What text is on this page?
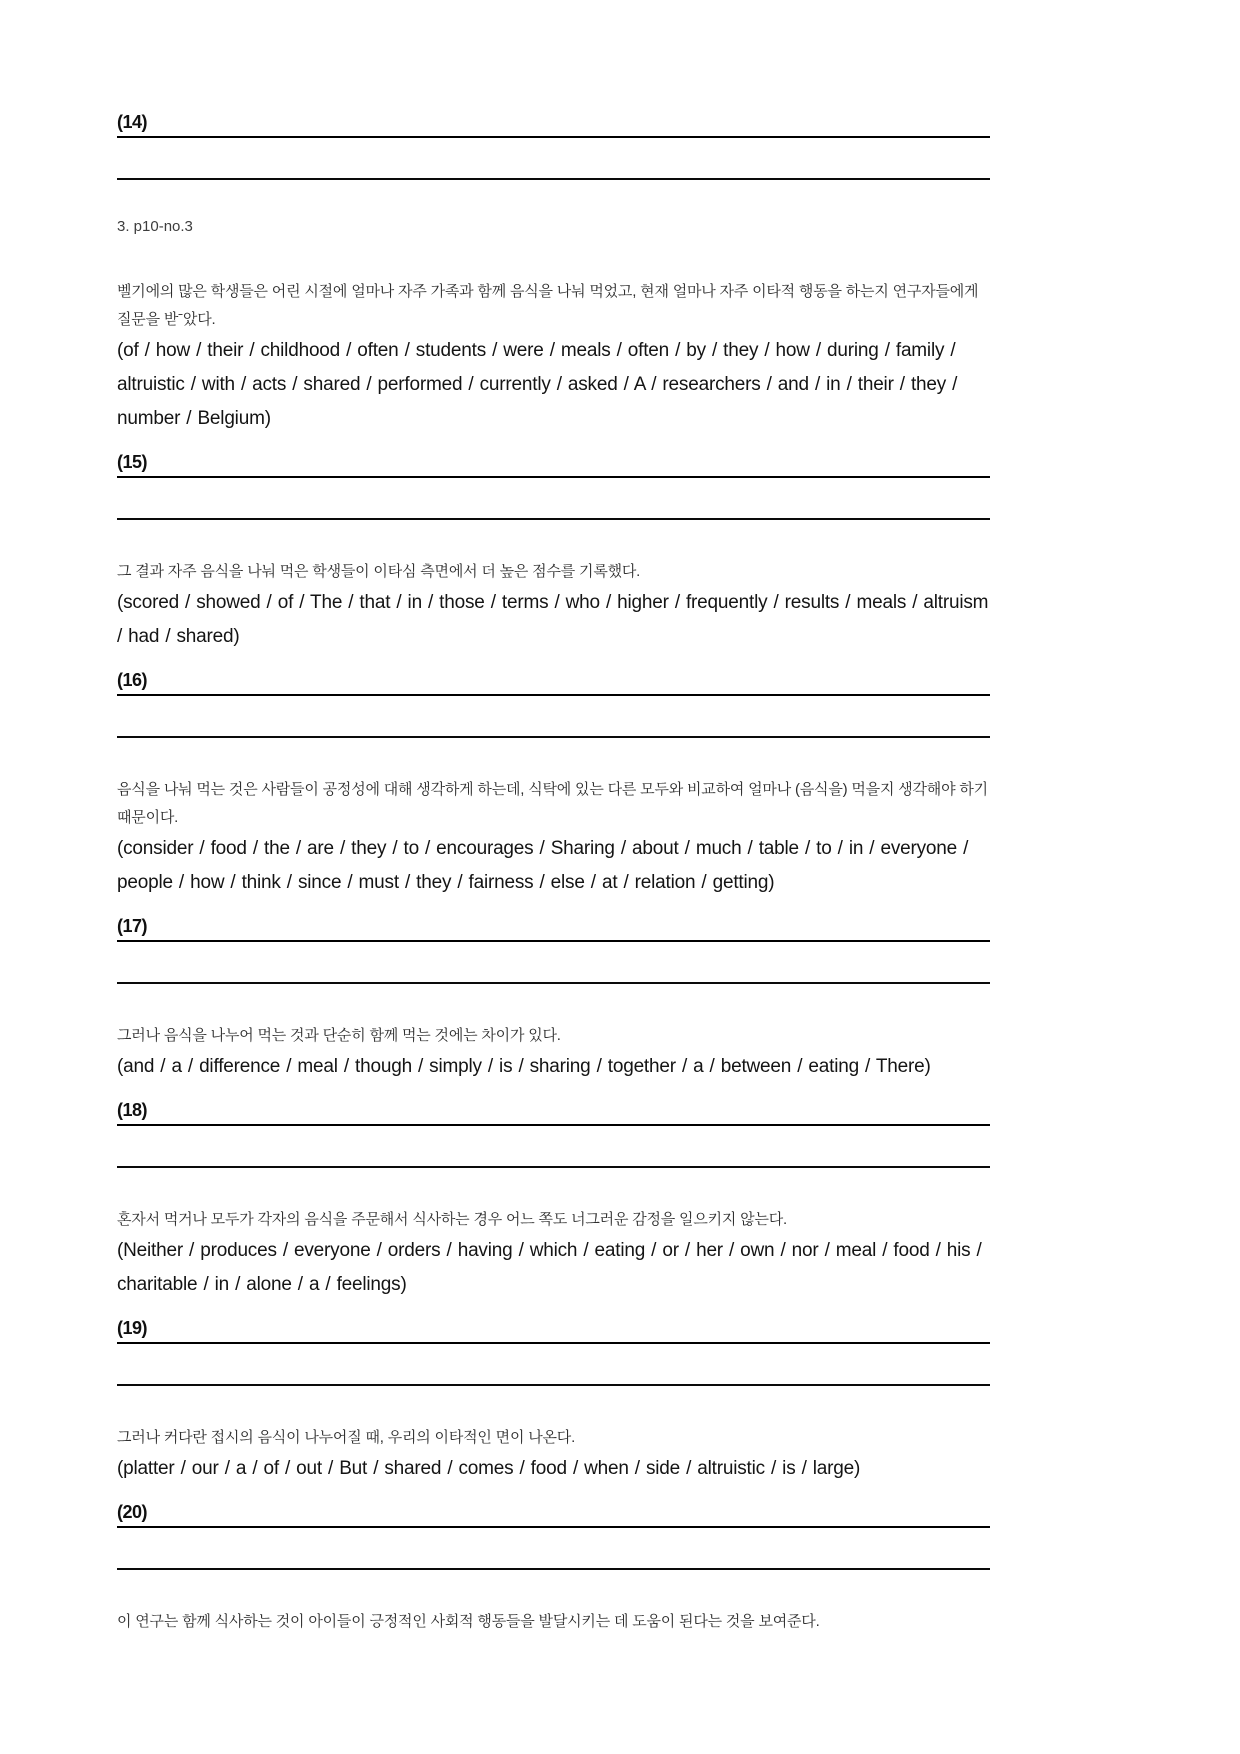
(14)

3. p10-no.3

벨기에의 많은 학생들은 어린 시절에 얼마나 자주 가족과 함께 음식을 나눠 먹었고, 현재 얼마나 자주 이타적 행동을 하는지 연구자들에게 질문을 받ˉ았다.

(of / how / their / childhood / often / students / were / meals / often / by / they / how / during / family / altruistic / with / acts / shared / performed / currently / asked / A / researchers / and / in / their / they / number / Belgium)

(15)

그 결과 자주 음식을 나눠 먹은 학생들이 이타심 측면에서 더 높은 점수를 기록했다.

(scored / showed / of / The / that / in / those / terms / who / higher / frequently / results / meals / altruism / had / shared)

(16)

음식을 나눠 먹는 것은 사람들이 공정성에 대해 생각하게 하는데, 식탁에 있는 다른 모두와 비교하여 얼마나 (음식을) 먹을지 생각해야 하기 때문이다.

(consider / food / the / are / they / to / encourages / Sharing / about / much / table / to / in / everyone / people / how / think / since / must / they / fairness / else / at / relation / getting)

(17)

그러나 음식을 나누어 먹는 것과 단순히 함께 먹는 것에는 차이가 있다.

(and / a / difference / meal / though / simply / is / sharing / together / a / between / eating / There)

(18)

혼자서 먹거나 모두가 각자의 음식을 주문해서 식사하는 경우 어느 쪽도 너그러운 감정을 일으키지 않는다.

(Neither / produces / everyone / orders / having / which / eating / or / her / own / nor / meal / food / his / charitable / in / alone / a / feelings)

(19)

그러나 커다란 접시의 음식이 나누어질 때, 우리의 이타적인 면이 나온다.

(platter / our / a / of / out / But / shared / comes / food / when / side / altruistic / is / large)

(20)

이 연구는 함께 식사하는 것이 아이들이 긍정적인 사회적 행동들을 발달시키는 데 도움이 된다는 것을 보여준다.
